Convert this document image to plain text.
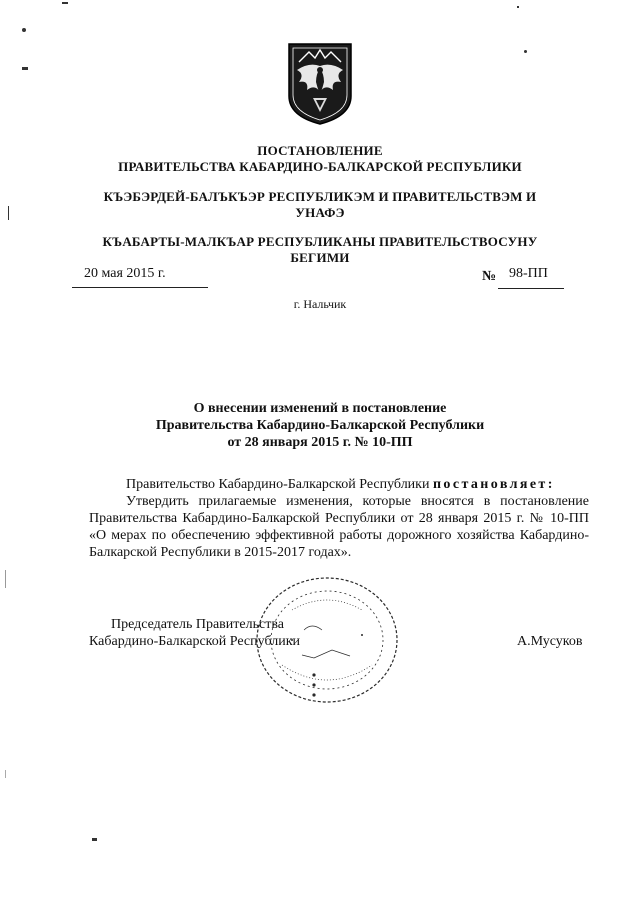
ПОСТАНОВЛЕНИЕ
ПРАВИТЕЛЬСТВА КАБАРДИНО-БАЛКАРСКОЙ РЕСПУБЛИКИ
КЪЭБЭРДЕЙ-БАЛЪКЪЭР РЕСПУБЛИКЭМ И ПРАВИТЕЛЬСТВЭМ И
УНАФЭ
КЪАБАРТЫ-МАЛКЪАР РЕСПУБЛИКАНЫ ПРАВИТЕЛЬСТВОСУНУ
БЕГИМИ
20 мая 2015 г.	№ 98-ПП
г. Нальчик
О внесении изменений в постановление
Правительства Кабардино-Балкарской Республики
от 28 января 2015 г. № 10-ПП
Правительство Кабардино-Балкарской Республики постановляет:
Утвердить прилагаемые изменения, которые вносятся в постановление Правительства Кабардино-Балкарской Республики от 28 января 2015 г. № 10-ПП «О мерах по обеспечению эффективной работы дорожного хозяйства Кабардино-Балкарской Республики в 2015-2017 годах».
Председатель Правительства
Кабардино-Балкарской Республики	А.Мусуков
